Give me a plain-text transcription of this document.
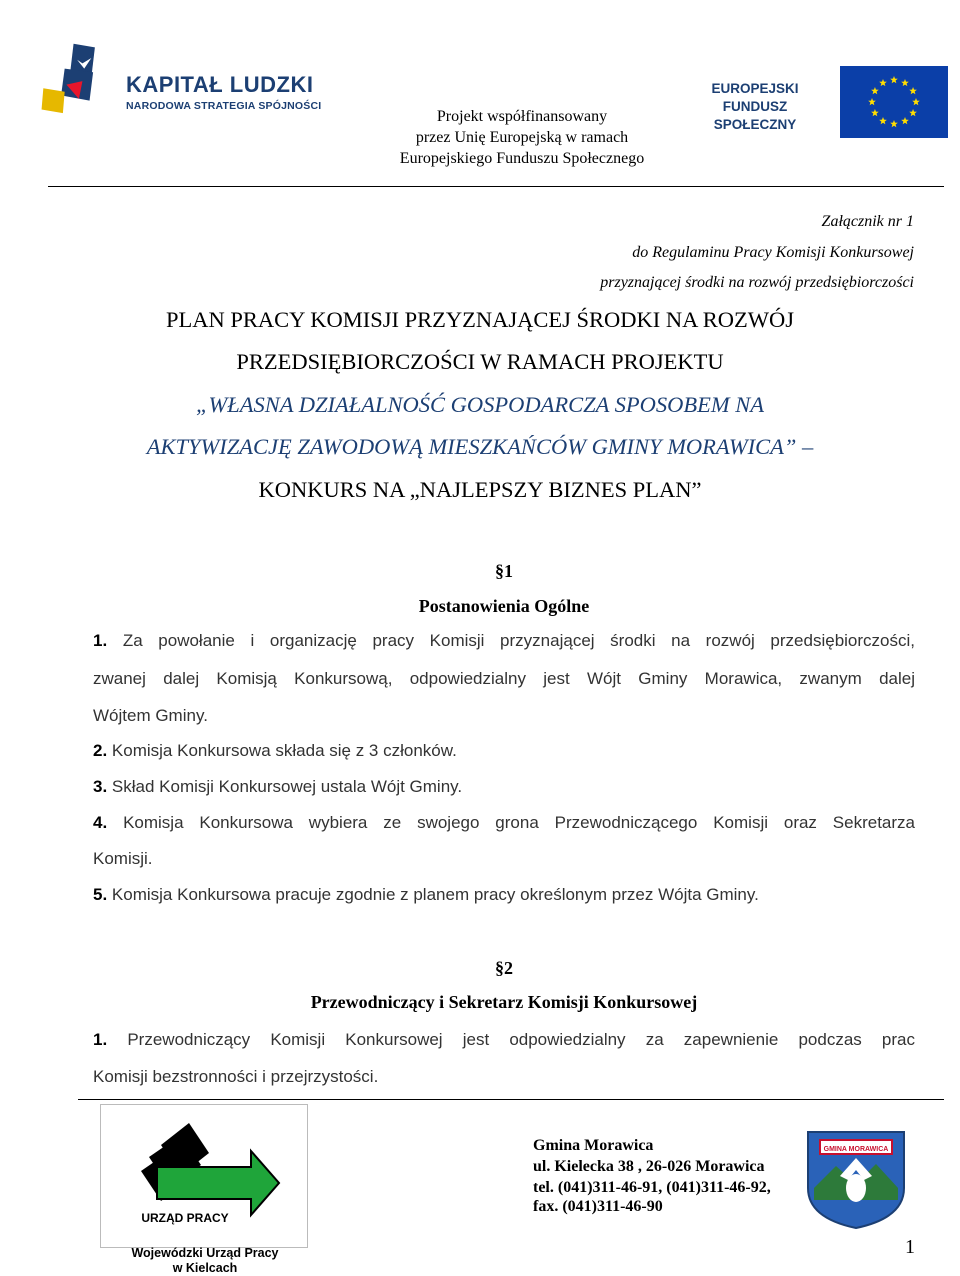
KAPITAŁ LUDZKI
NARODOWA STRATEGIA SPÓJNOŚCI
Projekt współfinansowany
przez Unię Europejską w ramach
Europejskiego Funduszu Społecznego
EUROPEJSKI
FUNDUSZ SPOŁECZNY
Załącznik nr 1
do Regulaminu Pracy Komisji Konkursowej
przyznającej środki na rozwój przedsiębiorczości
PLAN PRACY KOMISJI PRZYZNAJĄCEJ ŚRODKI NA ROZWÓJ
PRZEDSIĘBIORCZOŚCI W RAMACH PROJEKTU
„WŁASNA DZIAŁALNOŚĆ GOSPODARCZA SPOSOBEM NA
AKTYWIZACJĘ ZAWODOWĄ MIESZKAŃCÓW GMINY MORAWICA” –
KONKURS NA „NAJLEPSZY BIZNES PLAN”
§1
Postanowienia Ogólne
1. Za powołanie i organizację pracy Komisji przyznającej środki na rozwój przedsiębiorczości,
zwanej dalej Komisją Konkursową, odpowiedzialny jest Wójt Gminy Morawica, zwanym dalej
Wójtem Gminy.
2. Komisja Konkursowa składa się z 3 członków.
3. Skład Komisji Konkursowej ustala Wójt Gminy.
4. Komisja Konkursowa wybiera ze swojego grona Przewodniczącego Komisji oraz Sekretarza
Komisji.
5. Komisja Konkursowa pracuje zgodnie z planem pracy określonym przez Wójta Gminy.
§2
Przewodniczący i Sekretarz Komisji Konkursowej
1. Przewodniczący Komisji Konkursowej jest odpowiedzialny za zapewnienie podczas prac
Komisji bezstronności i przejrzystości.
URZĄD PRACY
Wojewódzki Urząd Pracy
w Kielcach
Gmina Morawica
ul. Kielecka 38 , 26-026 Morawica
tel. (041)311-46-91, (041)311-46-92,
fax. (041)311-46-90
GMINA MORAWICA
1
